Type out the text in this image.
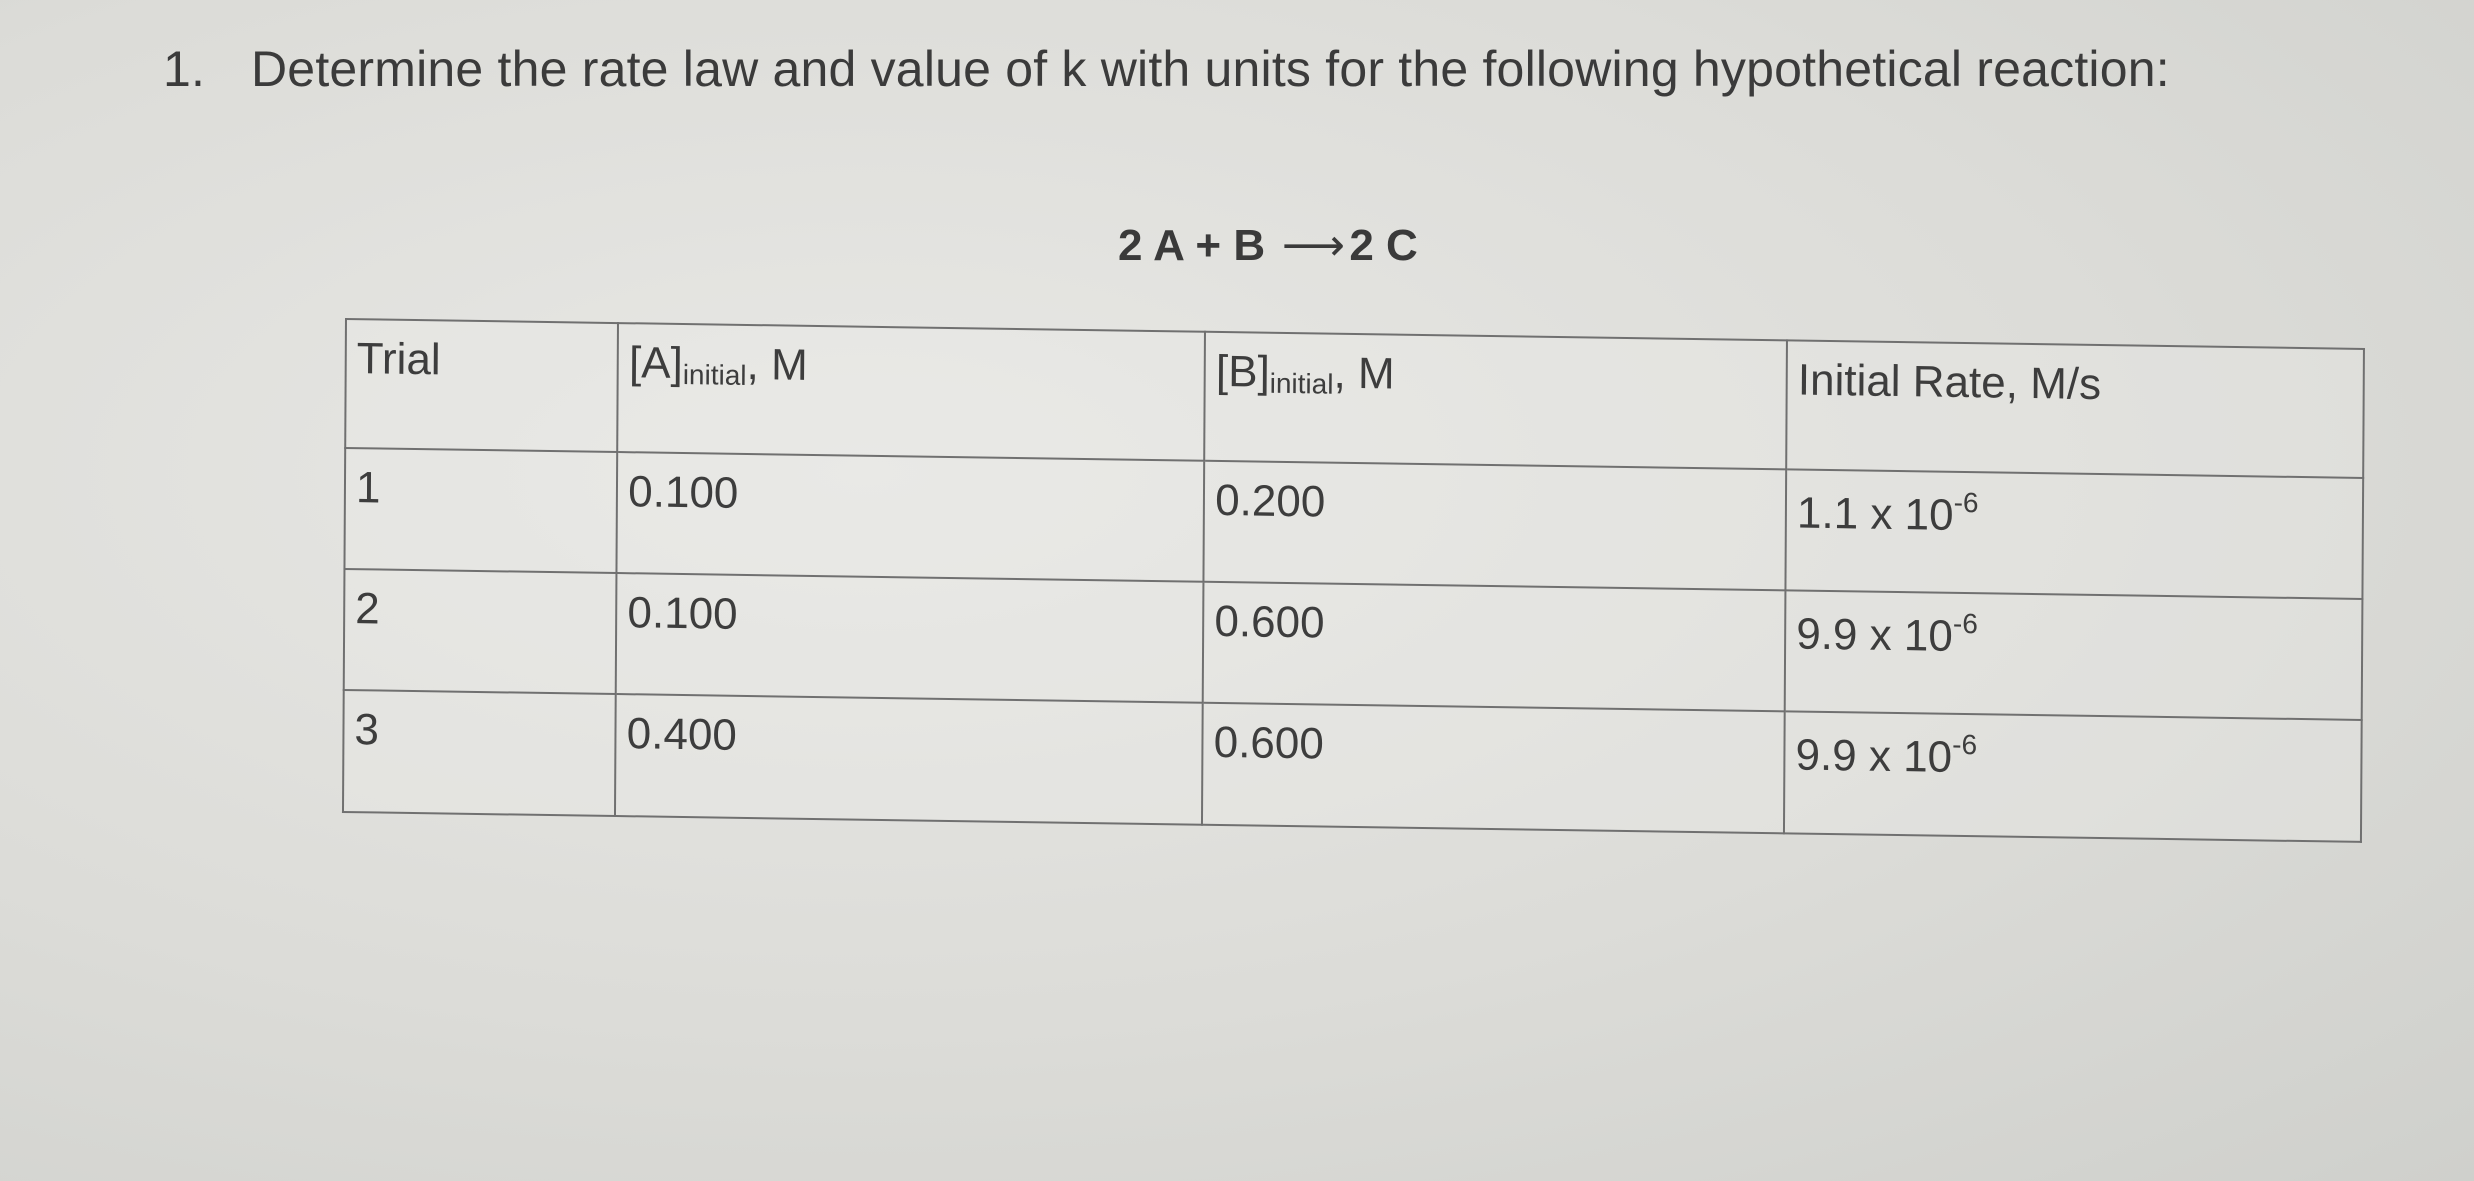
1. Determine the rate law and value of k with units for the following hypothetical reaction:
2 A + B ⟶ 2 C
Trial	$[A]_{initial}$, M	$[B]_{initial}$, M	Initial Rate, M/s
1	0.100	0.200	1.1 x $10^{-6}$
2	0.100	0.600	9.9 x $10^{-6}$
3	0.400	0.600	9.9 x $10^{-6}$
